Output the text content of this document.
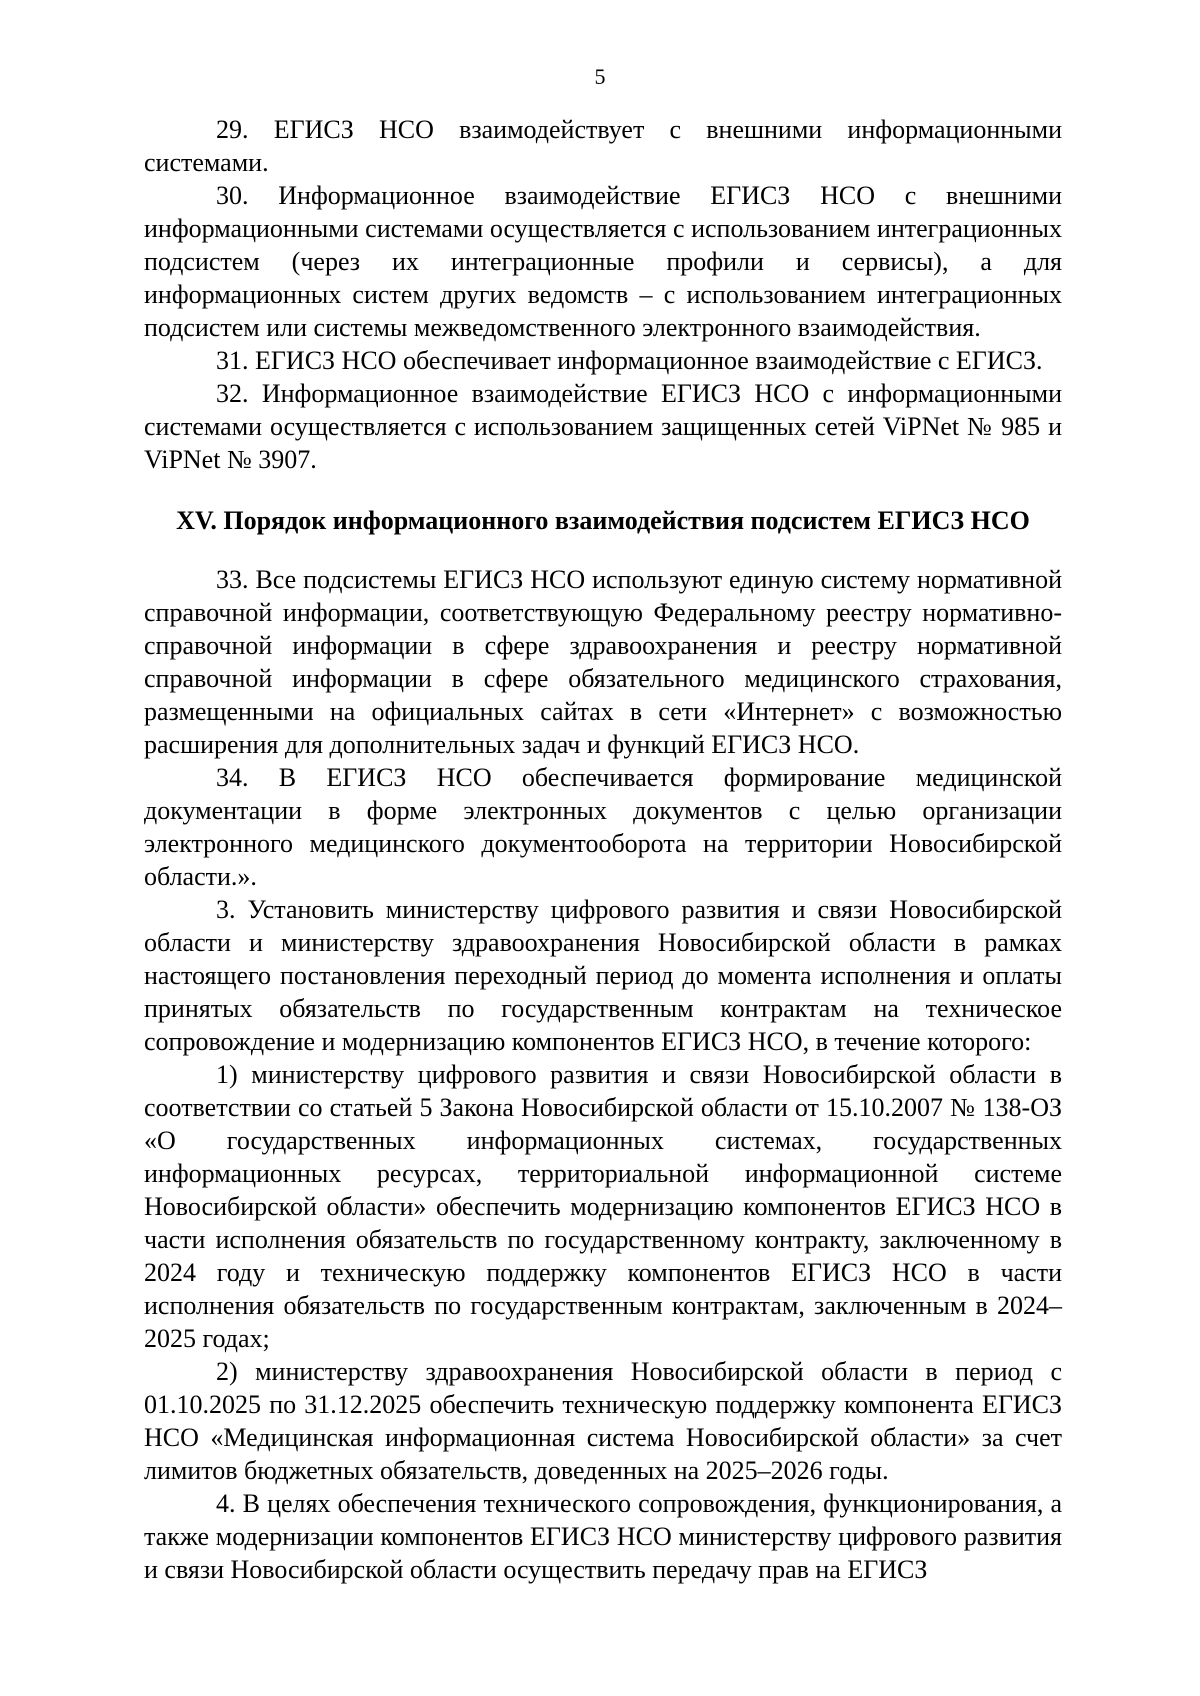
5

29. ЕГИСЗ НСО взаимодействует с внешними информационными системами.

30. Информационное взаимодействие ЕГИСЗ НСО с внешними информационными системами осуществляется с использованием интеграционных подсистем (через их интеграционные профили и сервисы), а для информационных систем других ведомств – с использованием интеграционных подсистем или системы межведомственного электронного взаимодействия.

31. ЕГИСЗ НСО обеспечивает информационное взаимодействие с ЕГИСЗ.

32. Информационное взаимодействие ЕГИСЗ НСО с информационными системами осуществляется с использованием защищенных сетей ViPNet № 985 и ViPNet № 3907.

XV. Порядок информационного взаимодействия подсистем ЕГИСЗ НСО

33. Все подсистемы ЕГИСЗ НСО используют единую систему нормативной справочной информации, соответствующую Федеральному реестру нормативно-справочной информации в сфере здравоохранения и реестру нормативной справочной информации в сфере обязательного медицинского страхования, размещенными на официальных сайтах в сети «Интернет» с возможностью расширения для дополнительных задач и функций ЕГИСЗ НСО.

34. В ЕГИСЗ НСО обеспечивается формирование медицинской документации в форме электронных документов с целью организации электронного медицинского документооборота на территории Новосибирской области.».

3. Установить министерству цифрового развития и связи Новосибирской области и министерству здравоохранения Новосибирской области в рамках настоящего постановления переходный период до момента исполнения и оплаты принятых обязательств по государственным контрактам на техническое сопровождение и модернизацию компонентов ЕГИСЗ НСО, в течение которого:

1) министерству цифрового развития и связи Новосибирской области в соответствии со статьей 5 Закона Новосибирской области от 15.10.2007 № 138-ОЗ «О государственных информационных системах, государственных информационных ресурсах, территориальной информационной системе Новосибирской области» обеспечить модернизацию компонентов ЕГИСЗ НСО в части исполнения обязательств по государственному контракту, заключенному в 2024 году и техническую поддержку компонентов ЕГИСЗ НСО в части исполнения обязательств по государственным контрактам, заключенным в 2024–2025 годах;

2) министерству здравоохранения Новосибирской области в период с 01.10.2025 по 31.12.2025 обеспечить техническую поддержку компонента ЕГИСЗ НСО «Медицинская информационная система Новосибирской области» за счет лимитов бюджетных обязательств, доведенных на 2025–2026 годы.

4. В целях обеспечения технического сопровождения, функционирования, а также модернизации компонентов ЕГИСЗ НСО министерству цифрового развития и связи Новосибирской области осуществить передачу прав на ЕГИСЗ
